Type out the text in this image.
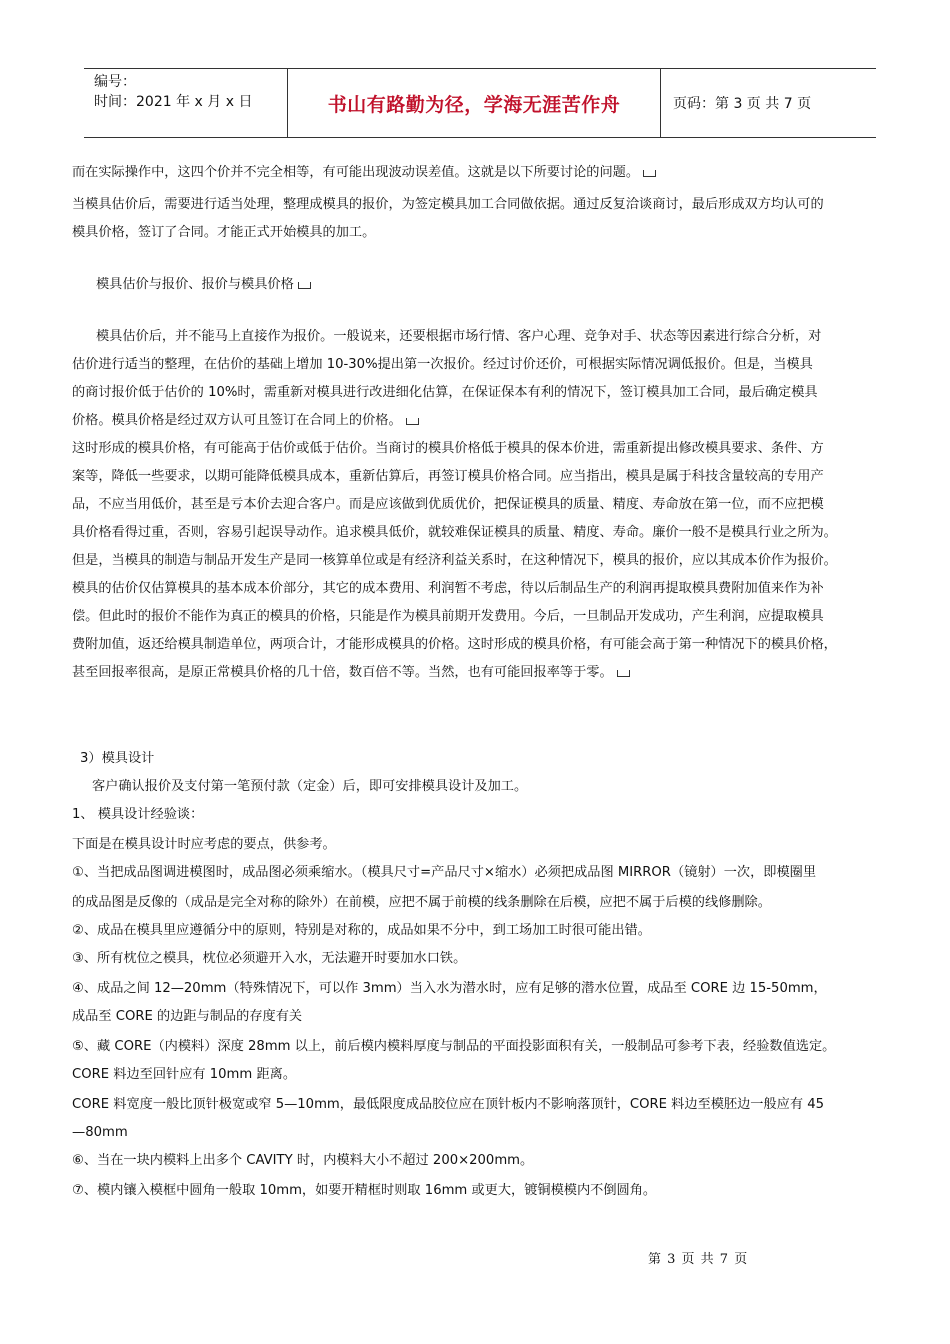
编号：
时间：2021 年 x 月 x 日	书山有路勤为径，学海无涯苦作舟	页码：第 3 页 共 7 页
而在实际操作中，这四个价并不完全相等，有可能出现波动误差值。这就是以下所要讨论的问题。
当模具估价后，需要进行适当处理，整理成模具的报价，为签定模具加工合同做依据。通过反复洽谈商讨，最后形成双方均认可的
模具价格，签订了合同。才能正式开始模具的加工。
模具估价与报价、报价与模具价格
模具估价后，并不能马上直接作为报价。一般说来，还要根据市场行情、客户心理、竞争对手、状态等因素进行综合分析，对
估价进行适当的整理，在估价的基础上增加 10-30%提出第一次报价。经过讨价还价，可根据实际情况调低报价。但是，当模具
的商讨报价低于估价的 10%时，需重新对模具进行改进细化估算，在保证保本有利的情况下，签订模具加工合同，最后确定模具
价格。模具价格是经过双方认可且签订在合同上的价格。
这时形成的模具价格，有可能高于估价或低于估价。当商讨的模具价格低于模具的保本价进，需重新提出修改模具要求、条件、方
案等，降低一些要求，以期可能降低模具成本，重新估算后，再签订模具价格合同。应当指出，模具是属于科技含量较高的专用产
品，不应当用低价，甚至是亏本价去迎合客户。而是应该做到优质优价，把保证模具的质量、精度、寿命放在第一位，而不应把模
具价格看得过重，否则，容易引起误导动作。追求模具低价，就较难保证模具的质量、精度、寿命。廉价一般不是模具行业之所为。
但是，当模具的制造与制品开发生产是同一核算单位或是有经济利益关系时，在这种情况下，模具的报价，应以其成本价作为报价。
模具的估价仅估算模具的基本成本价部分，其它的成本费用、利润暂不考虑，待以后制品生产的利润再提取模具费附加值来作为补
偿。但此时的报价不能作为真正的模具的价格，只能是作为模具前期开发费用。今后，一旦制品开发成功，产生利润，应提取模具
费附加值，返还给模具制造单位，两项合计，才能形成模具的价格。这时形成的模具价格，有可能会高于第一种情况下的模具价格，
甚至回报率很高，是原正常模具价格的几十倍，数百倍不等。当然，也有可能回报率等于零。
3）模具设计
客户确认报价及支付第一笔预付款（定金）后，即可安排模具设计及加工。
1、 模具设计经验谈：
下面是在模具设计时应考虑的要点，供参考。
①、当把成品图调进模图时，成品图必须乘缩水。（模具尺寸=产品尺寸×缩水）必须把成品图 MIRROR（镜射）一次，即模圈里
的成品图是反像的（成品是完全对称的除外）在前模，应把不属于前模的线条删除在后模，应把不属于后模的线修删除。
②、成品在模具里应遵循分中的原则，特别是对称的，成品如果不分中，到工场加工时很可能出错。
③、所有枕位之模具，枕位必须避开入水，无法避开时要加水口铁。
④、成品之间 12—20mm（特殊情况下，可以作 3mm）当入水为潜水时，应有足够的潜水位置，成品至 CORE 边 15-50mm，
成品至 CORE 的边距与制品的存度有关
⑤、藏 CORE（内模料）深度 28mm 以上，前后模内模料厚度与制品的平面投影面积有关，一般制品可参考下表，经验数值选定。
CORE 料边至回针应有 10mm 距离。
CORE 料宽度一般比顶针极宽或窄 5—10mm，最低限度成品胶位应在顶针板内不影响落顶针，CORE 料边至模胚边一般应有 45
—80mm
⑥、当在一块内模料上出多个 CAVITY 时，内模料大小不超过 200×200mm。
⑦、模内镶入模框中圆角一般取 10mm，如要开精框时则取 16mm 或更大，镀铜模模内不倒圆角。
第 3 页 共 7 页
